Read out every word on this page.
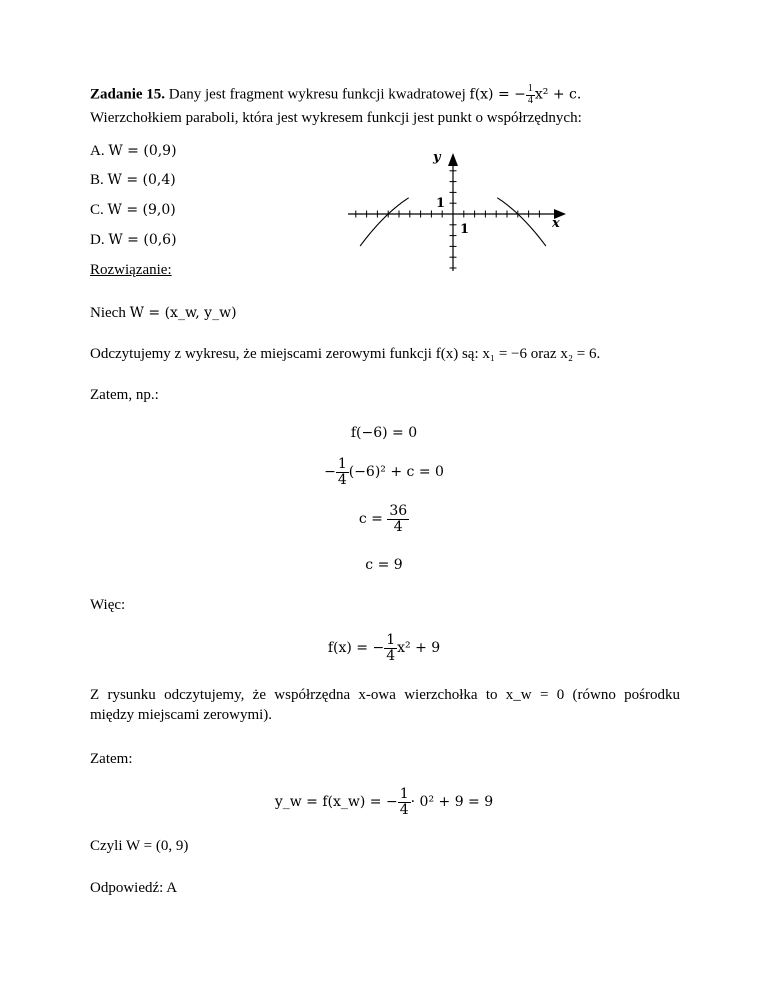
Zadanie 15. Dany jest fragment wykresu funkcji kwadratowej f(x) = − $\frac{1}{4} x^2 + c$.
Wierzchołkiem paraboli, która jest wykresem funkcji jest punkt o współrzędnych:
A. W = (0,9)
B. W = (0,4)
C. W = (9,0)
D. W = (0,6)
y
x
1
1
Rozwiązanie:
Niech W = (x_w, y_w)
Odczytujemy z wykresu, że miejscami zerowymi funkcji f(x) są: x₁ = −6 oraz x₂ = 6.
Zatem, np.:
f(−6) = 0
− $\frac{1}{4} (-6)^2 + c = 0$
$c = \frac{36}{4}$
c = 9
Więc:
f(x) = − $\frac{1}{4} x^2 + 9$
Z rysunku odczytujemy, że współrzędna x-owa wierzchołka to x_w = 0 (równo pośrodku
między miejscami zerowymi).
Zatem:
y_w = f(x_w) = − $\frac{1}{4} \cdot 0^2 + 9 = 9$
Czyli W = (0, 9)
Odpowiedź: A
